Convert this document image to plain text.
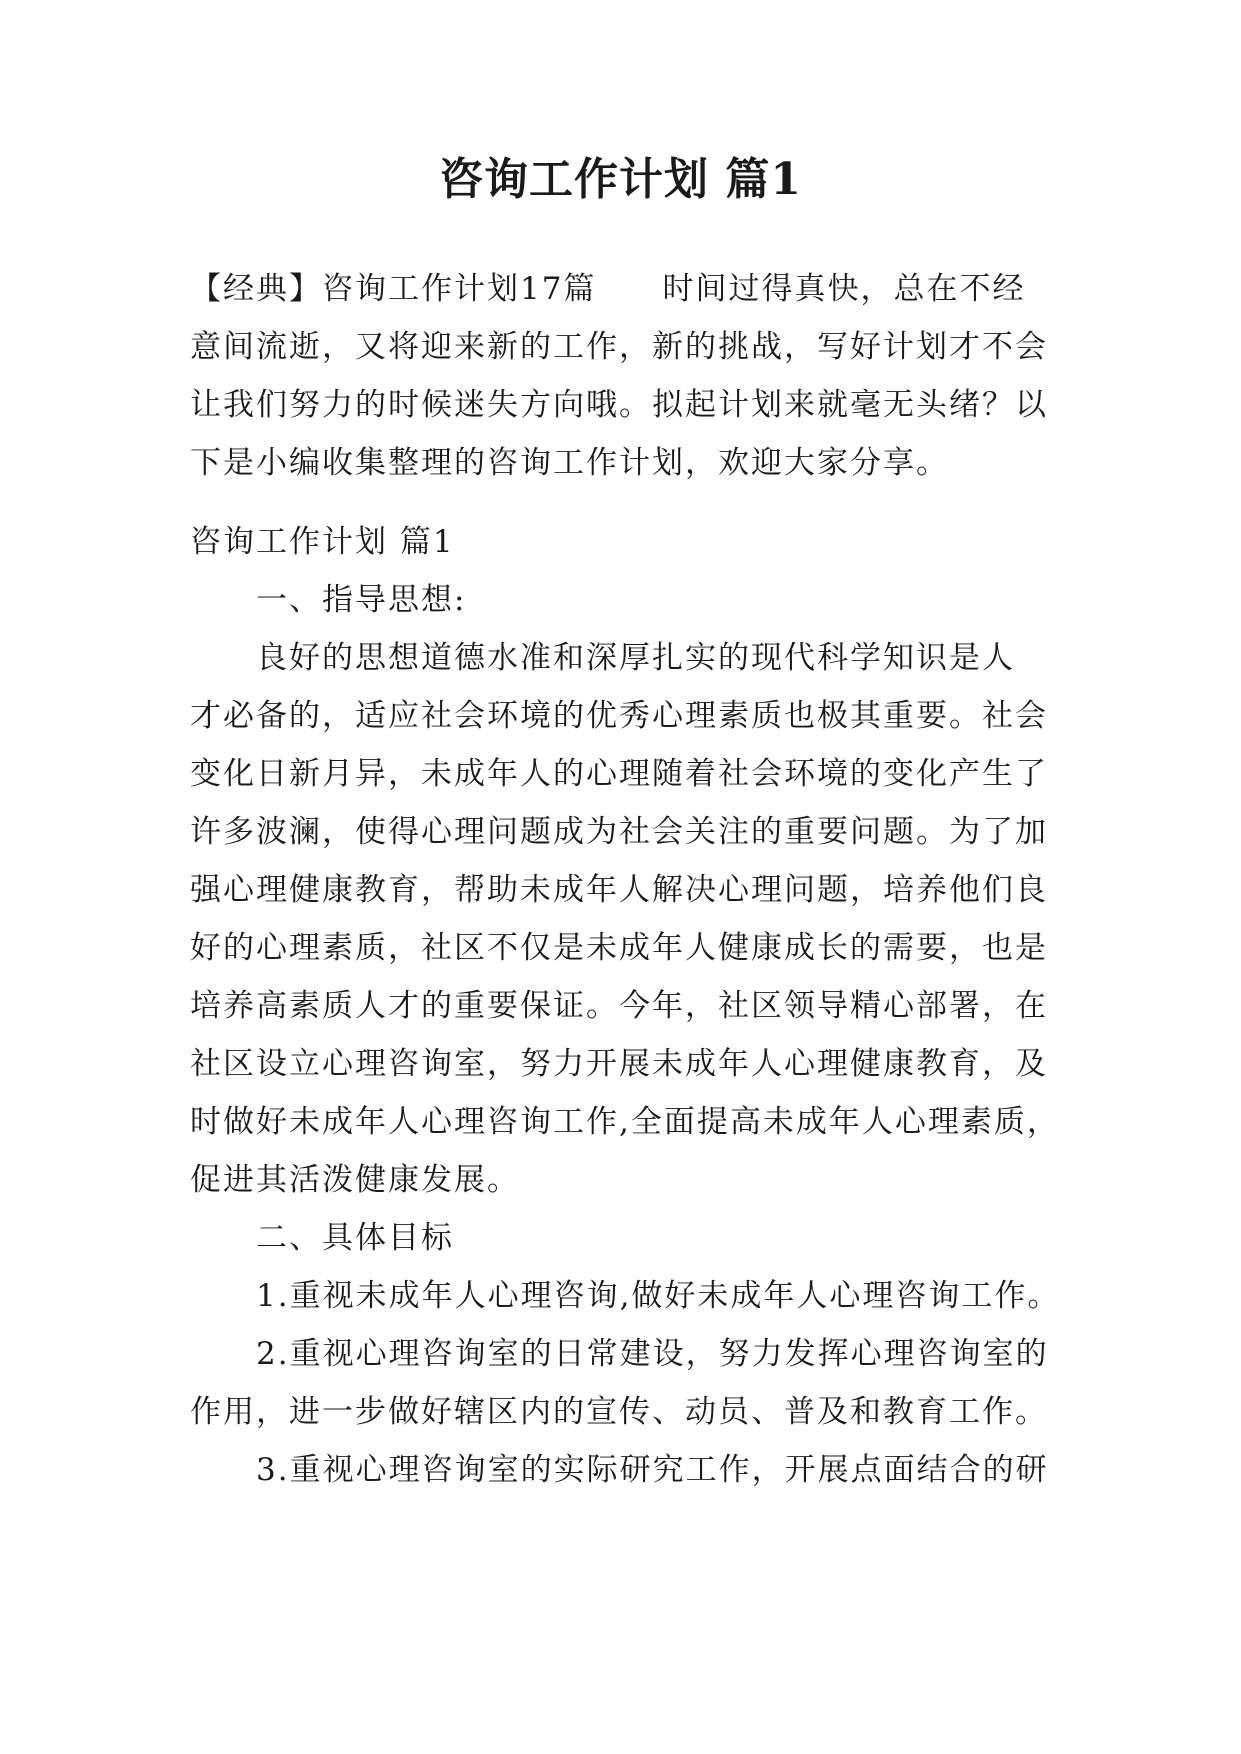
咨询工作计划 篇1
【经典】咨询工作计划17篇 时间过得真快，总在不经
意间流逝，又将迎来新的工作，新的挑战，写好计划才不会
让我们努力的时候迷失方向哦。拟起计划来就毫无头绪？以
下是小编收集整理的咨询工作计划，欢迎大家分享。
咨询工作计划 篇1
一、指导思想:
良好的思想道德水准和深厚扎实的现代科学知识是人
才必备的，适应社会环境的优秀心理素质也极其重要。社会
变化日新月异，未成年人的心理随着社会环境的变化产生了
许多波澜，使得心理问题成为社会关注的重要问题。为了加
强心理健康教育，帮助未成年人解决心理问题，培养他们良
好的心理素质，社区不仅是未成年人健康成长的需要，也是
培养高素质人才的重要保证。今年，社区领导精心部署，在
社区设立心理咨询室，努力开展未成年人心理健康教育，及
时做好未成年人心理咨询工作,全面提高未成年人心理素质，
促进其活泼健康发展。
二、具体目标
1.重视未成年人心理咨询,做好未成年人心理咨询工作。
2.重视心理咨询室的日常建设，努力发挥心理咨询室的
作用，进一步做好辖区内的宣传、动员、普及和教育工作。
3.重视心理咨询室的实际研究工作，开展点面结合的研
